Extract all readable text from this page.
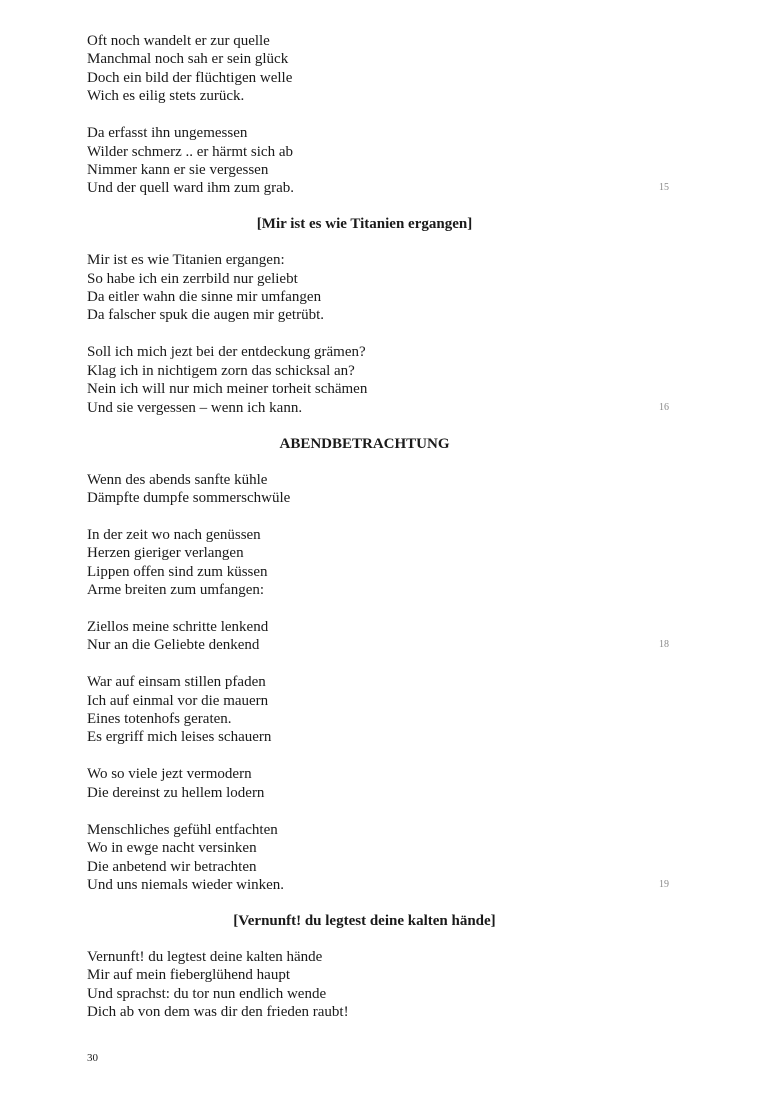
Oft noch wandelt er zur quelle
Manchmal noch sah er sein glück
Doch ein bild der flüchtigen welle
Wich es eilig stets zurück.
Da erfasst ihn ungemessen
Wilder schmerz .. er härmt sich ab
Nimmer kann er sie vergessen
Und der quell ward ihm zum grab.	15
[Mir ist es wie Titanien ergangen]
Mir ist es wie Titanien ergangen:
So habe ich ein zerrbild nur geliebt
Da eitler wahn die sinne mir umfangen
Da falscher spuk die augen mir getrübt.
Soll ich mich jezt bei der entdeckung grämen?
Klag ich in nichtigem zorn das schicksal an?
Nein ich will nur mich meiner torheit schämen
Und sie vergessen – wenn ich kann.	16
ABENDBETRACHTUNG
Wenn des abends sanfte kühle
Dämpfte dumpfe sommerschwüle
In der zeit wo nach genüssen
Herzen gieriger verlangen
Lippen offen sind zum küssen
Arme breiten zum umfangen:
Ziellos meine schritte lenkend
Nur an die Geliebte denkend	18
War auf einsam stillen pfaden
Ich auf einmal vor die mauern
Eines totenhofs geraten.
Es ergriff mich leises schauern
Wo so viele jezt vermodern
Die dereinst zu hellem lodern
Menschliches gefühl entfachten
Wo in ewge nacht versinken
Die anbetend wir betrachten
Und uns niemals wieder winken.	19
[Vernunft! du legtest deine kalten hände]
Vernunft! du legtest deine kalten hände
Mir auf mein fieberglühend haupt
Und sprachst: du tor nun endlich wende
Dich ab von dem was dir den frieden raubt!
30
